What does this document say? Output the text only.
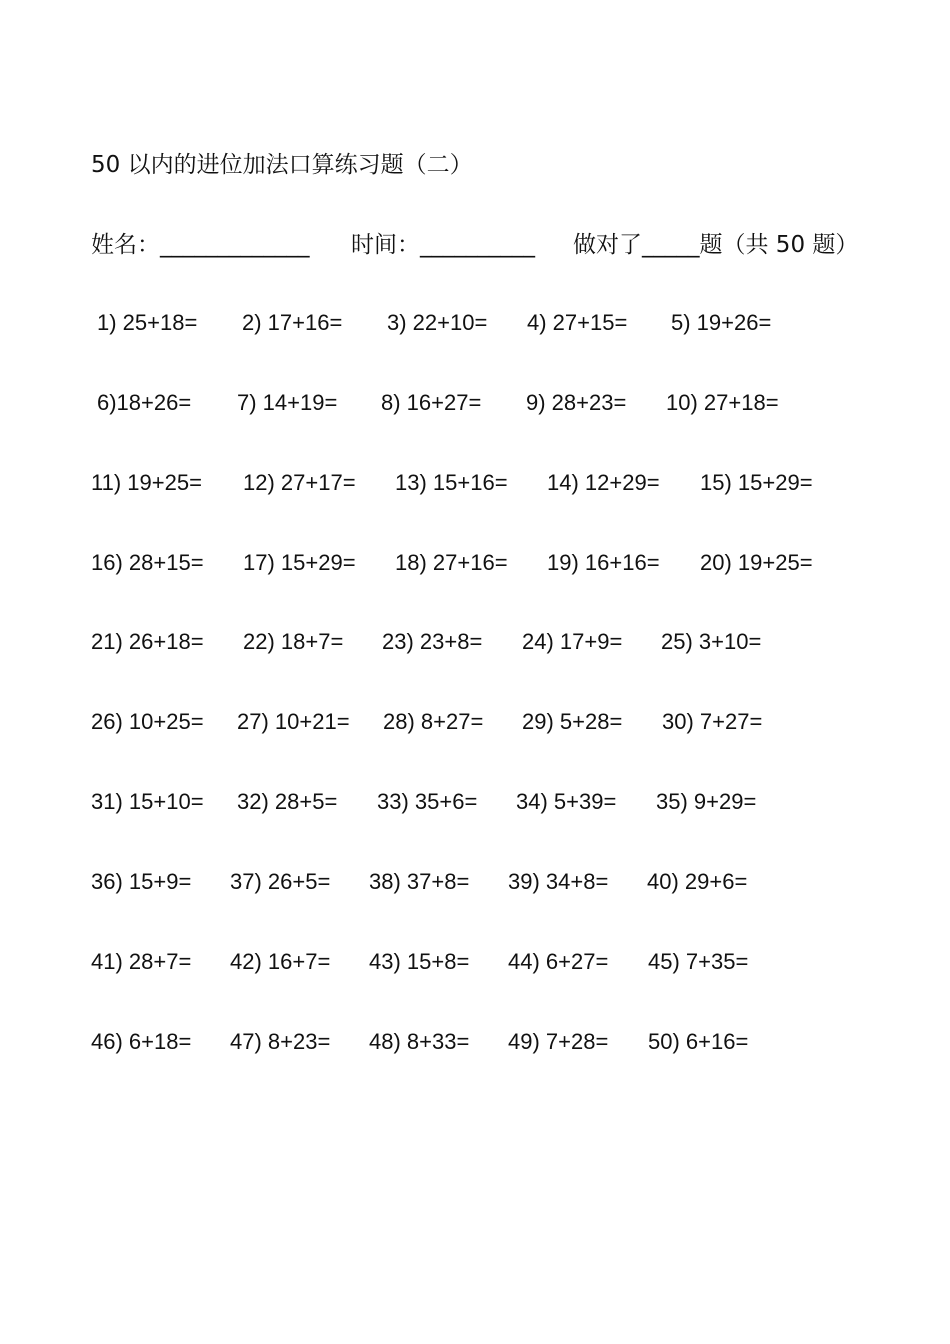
50 以内的进位加法口算练习题（二）
姓名：_____________ 时间：__________ 做对了_____题（共 50 题）
1) 25+18= 2) 17+16= 3) 22+10= 4) 27+15= 5) 19+26=
6)18+26= 7) 14+19= 8) 16+27= 9) 28+23= 10) 27+18=
11) 19+25= 12) 27+17= 13) 15+16= 14) 12+29= 15) 15+29=
16) 28+15= 17) 15+29= 18) 27+16= 19) 16+16= 20) 19+25=
21) 26+18= 22) 18+7= 23) 23+8= 24) 17+9= 25) 3+10=
26) 10+25= 27) 10+21= 28) 8+27= 29) 5+28= 30) 7+27=
31) 15+10= 32) 28+5= 33) 35+6= 34) 5+39= 35) 9+29=
36) 15+9= 37) 26+5= 38) 37+8= 39) 34+8= 40) 29+6=
41) 28+7= 42) 16+7= 43) 15+8= 44) 6+27= 45) 7+35=
46) 6+18= 47) 8+23= 48) 8+33= 49) 7+28= 50) 6+16=
